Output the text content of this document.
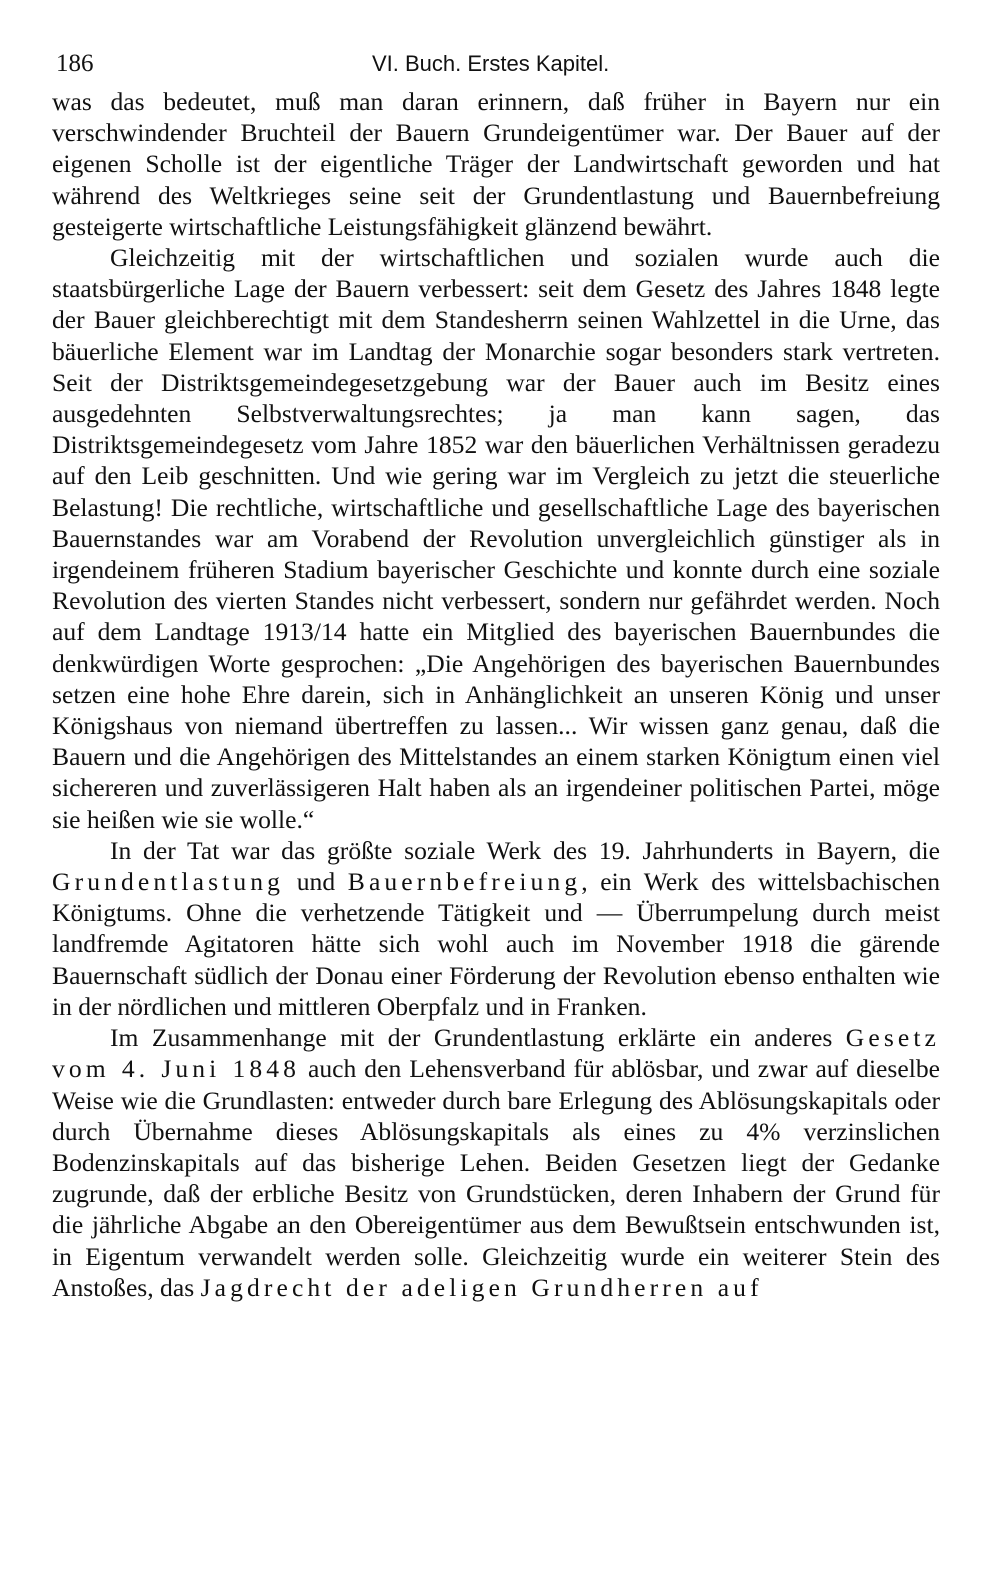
186	VI. Buch. Erstes Kapitel.

was das bedeutet, muß man daran erinnern, daß früher in Bayern nur ein verschwindender Bruchteil der Bauern Grundeigentümer war. Der Bauer auf der eigenen Scholle ist der eigentliche Träger der Landwirtschaft geworden und hat während des Weltkrieges seine seit der Grundentlastung und Bauernbefreiung gesteigerte wirtschaftliche Leistungsfähigkeit glänzend bewährt.

Gleichzeitig mit der wirtschaftlichen und sozialen wurde auch die staatsbürgerliche Lage der Bauern verbessert: seit dem Gesetz des Jahres 1848 legte der Bauer gleichberechtigt mit dem Standesherrn seinen Wahlzettel in die Urne, das bäuerliche Element war im Landtag der Monarchie sogar besonders stark vertreten. Seit der Distriktsgemeindegesetzgebung war der Bauer auch im Besitz eines ausgedehnten Selbstverwaltungsrechtes; ja man kann sagen, das Distriktsgemeindegesetz vom Jahre 1852 war den bäuerlichen Verhältnissen geradezu auf den Leib geschnitten. Und wie gering war im Vergleich zu jetzt die steuerliche Belastung! Die rechtliche, wirtschaftliche und gesellschaftliche Lage des bayerischen Bauernstandes war am Vorabend der Revolution unvergleichlich günstiger als in irgendeinem früheren Stadium bayerischer Geschichte und konnte durch eine soziale Revolution des vierten Standes nicht verbessert, sondern nur gefährdet werden. Noch auf dem Landtage 1913/14 hatte ein Mitglied des bayerischen Bauernbundes die denkwürdigen Worte gesprochen: „Die Angehörigen des bayerischen Bauernbundes setzen eine hohe Ehre darein, sich in Anhänglichkeit an unseren König und unser Königshaus von niemand übertreffen zu lassen... Wir wissen ganz genau, daß die Bauern und die Angehörigen des Mittelstandes an einem starken Königtum einen viel sichereren und zuverlässigeren Halt haben als an irgendeiner politischen Partei, möge sie heißen wie sie wolle.“

In der Tat war das größte soziale Werk des 19. Jahrhunderts in Bayern, die Grundentlastung und Bauernbefreiung, ein Werk des wittelsbachischen Königtums. Ohne die verhetzende Tätigkeit und — Überrumpelung durch meist landfremde Agitatoren hätte sich wohl auch im November 1918 die gärende Bauernschaft südlich der Donau einer Förderung der Revolution ebenso enthalten wie in der nördlichen und mittleren Oberpfalz und in Franken.

Im Zusammenhange mit der Grundentlastung erklärte ein anderes Gesetz vom 4. Juni 1848 auch den Lehensverband für ablösbar, und zwar auf dieselbe Weise wie die Grundlasten: entweder durch bare Erlegung des Ablösungskapitals oder durch Übernahme dieses Ablösungskapitals als eines zu 4% verzinslichen Bodenzinskapitals auf das bisherige Lehen. Beiden Gesetzen liegt der Gedanke zugrunde, daß der erbliche Besitz von Grundstücken, deren Inhabern der Grund für die jährliche Abgabe an den Obereigentümer aus dem Bewußtsein entschwunden ist, in Eigentum verwandelt werden solle. Gleichzeitig wurde ein weiterer Stein des Anstoßes, das Jagdrecht der adeligen Grundherren auf
